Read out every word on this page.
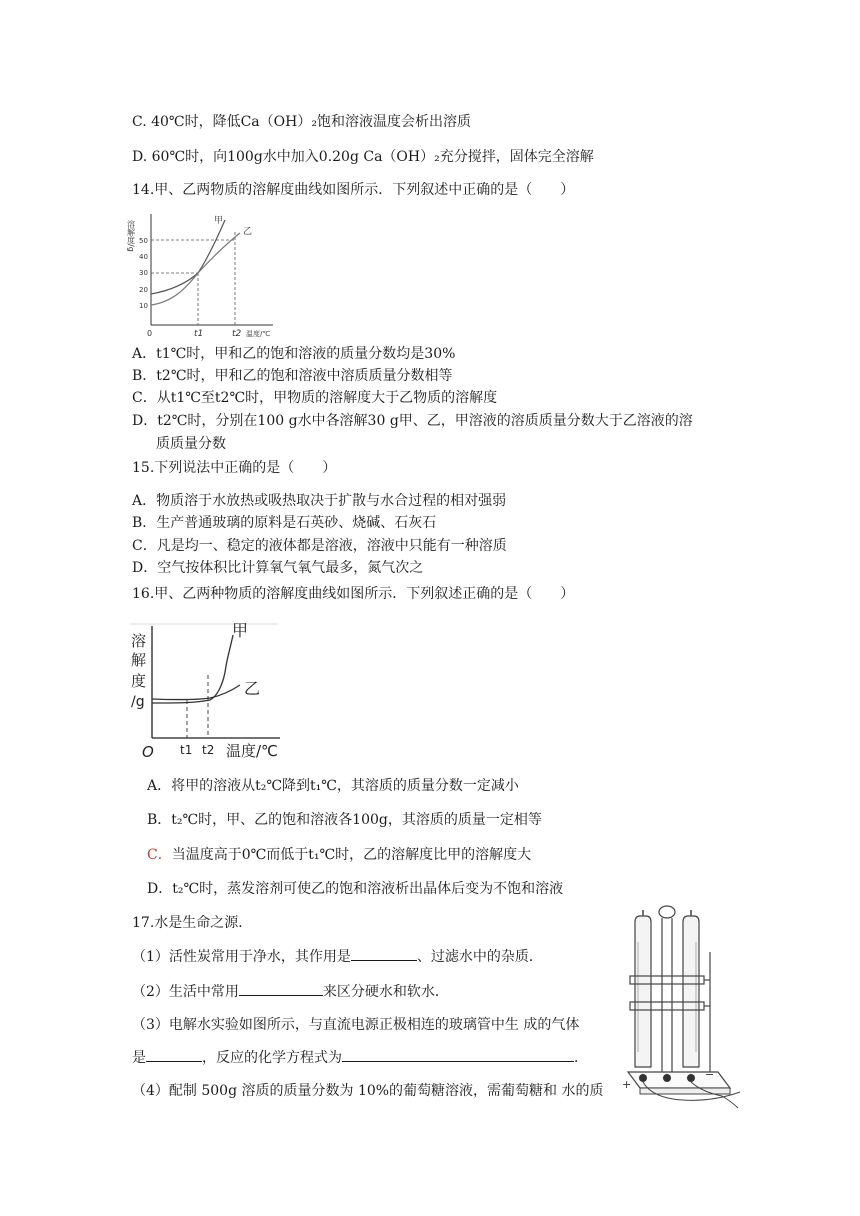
C. 40℃时，降低Ca（OH）₂饱和溶液温度会析出溶质
D. 60℃时，向100g水中加入0.20g Ca（OH）₂充分搅拌，固体完全溶解
14.甲、乙两物质的溶解度曲线如图所示．下列叙述中正确的是（　　）
溶解度/g 50
40
30
20
10
甲
乙
0	t1	t2 温度/℃
A．t1℃时，甲和乙的饱和溶液的质量分数均是30%
B．t2℃时，甲和乙的饱和溶液中溶质质量分数相等
C．从t1℃至t2℃时，甲物质的溶解度大于乙物质的溶解度
D．t2℃时，分别在100 g水中各溶解30 g甲、乙，甲溶液的溶质质量分数大于乙溶液的溶
质质量分数
15.下列说法中正确的是（　　）
A．物质溶于水放热或吸热取决于扩散与水合过程的相对强弱
B．生产普通玻璃的原料是石英砂、烧碱、石灰石
C．凡是均一、稳定的液体都是溶液，溶液中只能有一种溶质
D．空气按体积比计算氧气氧气最多，氮气次之
16.甲、乙两种物质的溶解度曲线如图所示．下列叙述正确的是（　　）
溶
解
度
/g
甲
乙
O t1 t2 温度/℃
A．将甲的溶液从t₂℃降到t₁℃，其溶质的质量分数一定减小
B．t₂℃时，甲、乙的饱和溶液各100g，其溶质的质量一定相等
C．当温度高于0℃而低于t₁℃时，乙的溶解度比甲的溶解度大
D．t₂℃时，蒸发溶剂可使乙的饱和溶液析出晶体后变为不饱和溶液
17.水是生命之源．
（1）活性炭常用于净水，其作用是	、过滤水中的杂质．
（2）生活中常用	来区分硬水和软水．
（3）电解水实验如图所示，与直流电源正极相连的玻璃管中生 成的气体
是	，反应的化学方程式为	．
（4）配制 500g 溶质的质量分数为 10%的葡萄糖溶液，需葡萄糖和 水的质 +
−
